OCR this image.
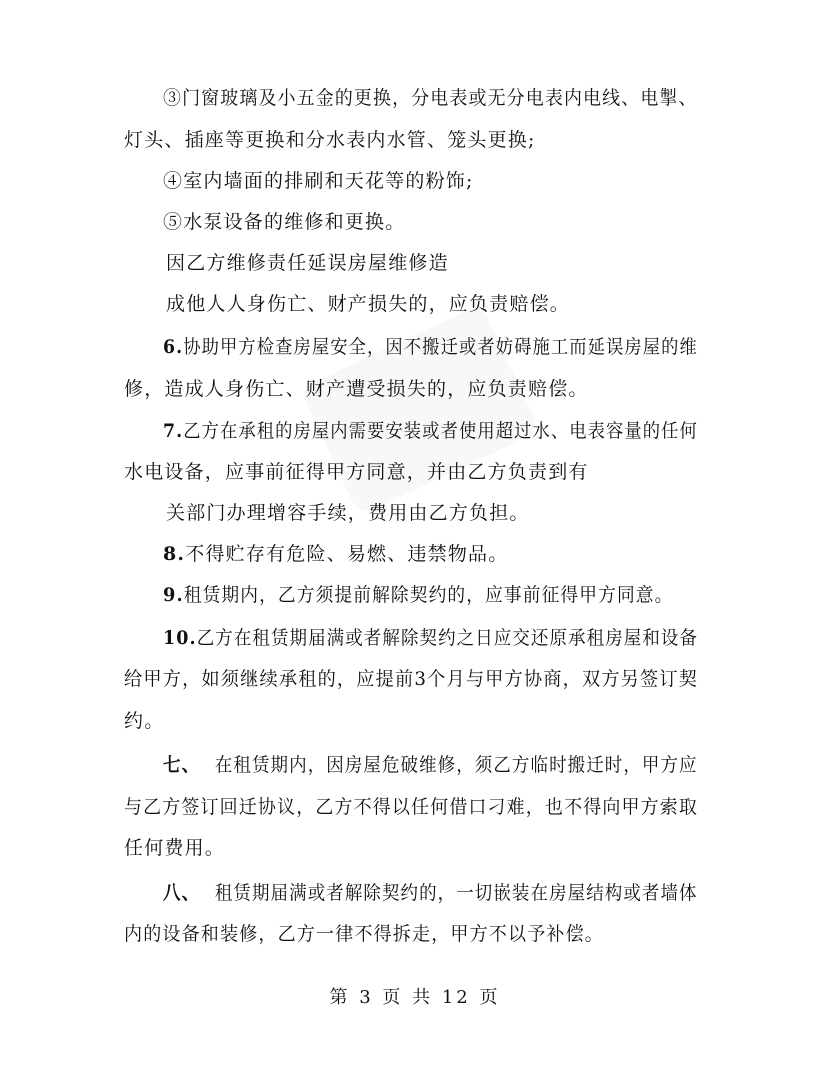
③门窗玻璃及小五金的更换，分电表或无分电表内电线、电掣、
灯头、插座等更换和分水表内水管、笼头更换;
④室内墙面的排刷和天花等的粉饰;
⑤水泵设备的维修和更换。
因乙方维修责任延误房屋维修造
成他人人身伤亡、财产损失的，应负责赔偿。
6.协助甲方检查房屋安全，因不搬迁或者妨碍施工而延误房屋的维
修，造成人身伤亡、财产遭受损失的，应负责赔偿。
7.乙方在承租的房屋内需要安装或者使用超过水、电表容量的任何
水电设备，应事前征得甲方同意，并由乙方负责到有
关部门办理增容手续，费用由乙方负担。
8.不得贮存有危险、易燃、违禁物品。
9.租赁期内，乙方须提前解除契约的，应事前征得甲方同意。
10.乙方在租赁期届满或者解除契约之日应交还原承租房屋和设备
给甲方，如须继续承租的，应提前3个月与甲方协商，双方另签订契
约。
七、 在租赁期内，因房屋危破维修，须乙方临时搬迁时，甲方应
与乙方签订回迁协议，乙方不得以任何借口刁难，也不得向甲方索取
任何费用。
八、 租赁期届满或者解除契约的，一切嵌装在房屋结构或者墙体
内的设备和装修，乙方一律不得拆走，甲方不以予补偿。
第 3 页 共 12 页
